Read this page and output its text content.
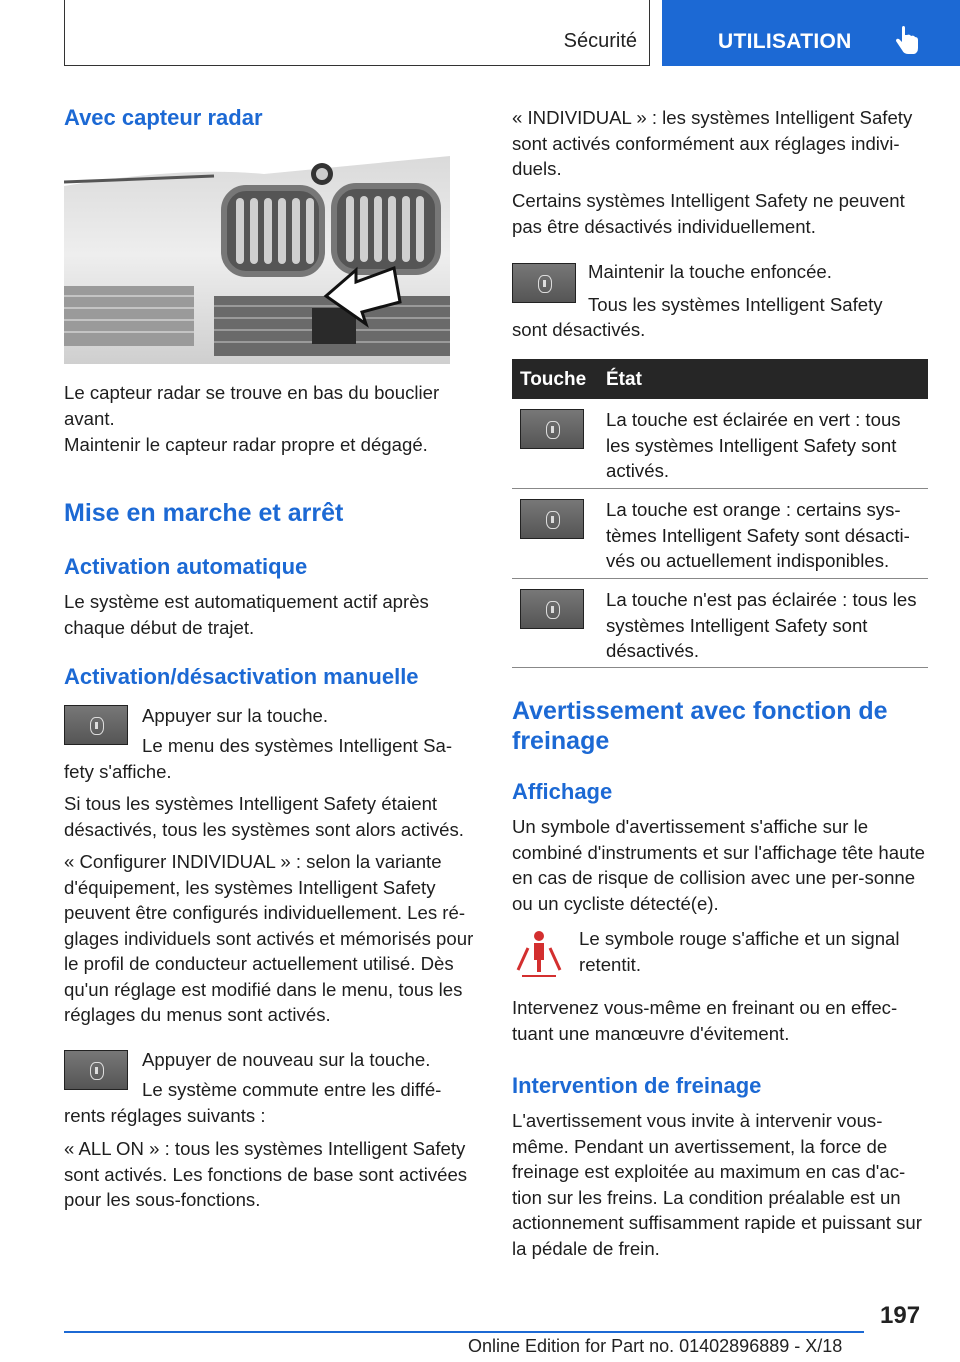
Sécurité	UTILISATION
Avec capteur radar

Le capteur radar se trouve en bas du bouclier avant.

Maintenir le capteur radar propre et dégagé.

Mise en marche et arrêt
Activation automatique

Le système est automatiquement actif après chaque début de trajet.

Activation/désactivation manuelle

Appuyer sur la touche.

Le menu des systèmes Intelligent Sa-

fety s'affiche.

Si tous les systèmes Intelligent Safety étaient désactivés, tous les systèmes sont alors activés.

« Configurer INDIVIDUAL » : selon la variante d'équipement, les systèmes Intelligent Safety peuvent être configurés individuellement. Les ré-glages individuels sont activés et mémorisés pour le profil de conducteur actuellement utilisé. Dès qu'un réglage est modifié dans le menu, tous les réglages du menus sont activés.

Appuyer de nouveau sur la touche.

Le système commute entre les diffé-

rents réglages suivants :

« ALL ON » : tous les systèmes Intelligent Safety sont activés. Les fonctions de base sont activées pour les sous-fonctions.

« INDIVIDUAL » : les systèmes Intelligent Safety sont activés conformément aux réglages indivi-duels.

Certains systèmes Intelligent Safety ne peuvent pas être désactivés individuellement.

Maintenir la touche enfoncée.

Tous les systèmes Intelligent Safety

sont désactivés.

Touche État
La touche est éclairée en vert : tous les systèmes Intelligent Safety sont activés.
La touche est orange : certains sys-tèmes Intelligent Safety sont désacti-vés ou actuellement indisponibles.
La touche n'est pas éclairée : tous les systèmes Intelligent Safety sont désactivés.
Avertissement avec fonction de freinage
Affichage

Un symbole d'avertissement s'affiche sur le combiné d'instruments et sur l'affichage tête haute en cas de risque de collision avec une per-sonne ou un cycliste détecté(e).

Le symbole rouge s'affiche et un signal retentit.

Intervenez vous-même en freinant ou en effec-tuant une manœuvre d'évitement.

Intervention de freinage

L'avertissement vous invite à intervenir vous-même. Pendant un avertissement, la force de freinage est exploitée au maximum en cas d'ac-tion sur les freins. La condition préalable est un actionnement suffisamment rapide et puissant sur la pédale de frein.

197
Online Edition for Part no. 01402896889 - X/18
